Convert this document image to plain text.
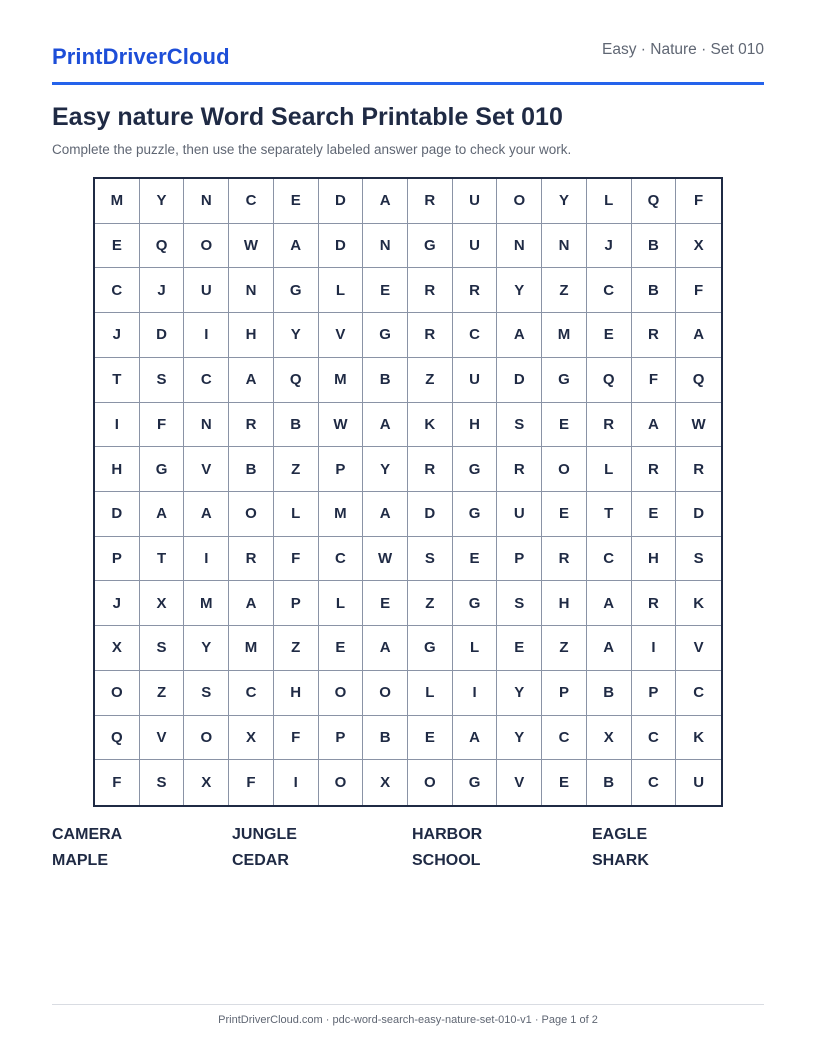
PrintDriverCloud	Easy · Nature · Set 010
Easy nature Word Search Printable Set 010
Complete the puzzle, then use the separately labeled answer page to check your work.
M	Y	N	C	E	D	A	R	U	O	Y	L	Q	F
E	Q	O	W	A	D	N	G	U	N	N	J	B	X
C	J	U	N	G	L	E	R	R	Y	Z	C	B	F
J	D	I	H	Y	V	G	R	C	A	M	E	R	A
T	S	C	A	Q	M	B	Z	U	D	G	Q	F	Q
I	F	N	R	B	W	A	K	H	S	E	R	A	W
H	G	V	B	Z	P	Y	R	G	R	O	L	R	R
D	A	A	O	L	M	A	D	G	U	E	T	E	D
P	T	I	R	F	C	W	S	E	P	R	C	H	S
J	X	M	A	P	L	E	Z	G	S	H	A	R	K
X	S	Y	M	Z	E	A	G	L	E	Z	A	I	V
O	Z	S	C	H	O	O	L	I	Y	P	B	P	C
Q	V	O	X	F	P	B	E	A	Y	C	X	C	K
F	S	X	F	I	O	X	O	G	V	E	B	C	U
CAMERA	JUNGLE	HARBOR	EAGLE
MAPLE	CEDAR	SCHOOL	SHARK
PrintDriverCloud.com · pdc-word-search-easy-nature-set-010-v1 · Page 1 of 2
